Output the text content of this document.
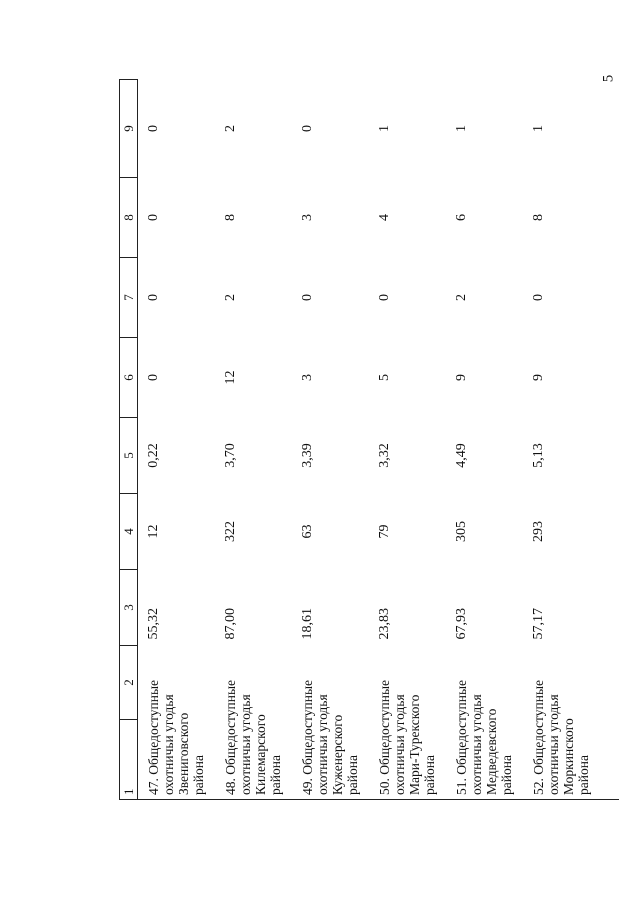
5
1	2	3	4	5	6	7	8	9

47. Общедоступные охотничьи угодья Звениговского района		55,32	12	0,22	0	0	0	0

48. Общедоступные охотничьи угодья Килемарского района		87,00	322	3,70	12	2	8	2

49. Общедоступные охотничьи угодья Куженерского района		18,61	63	3,39	3	0	3	0

50. Общедоступные охотничьи угодья Мари-Турекского района		23,83	79	3,32	5	0	4	1

51. Общедоступные охотничьи угодья Медведевского района		67,93	305	4,49	9	2	6	1

52. Общедоступные охотничьи угодья Моркинского района		57,17	293	5,13	9	0	8	1
